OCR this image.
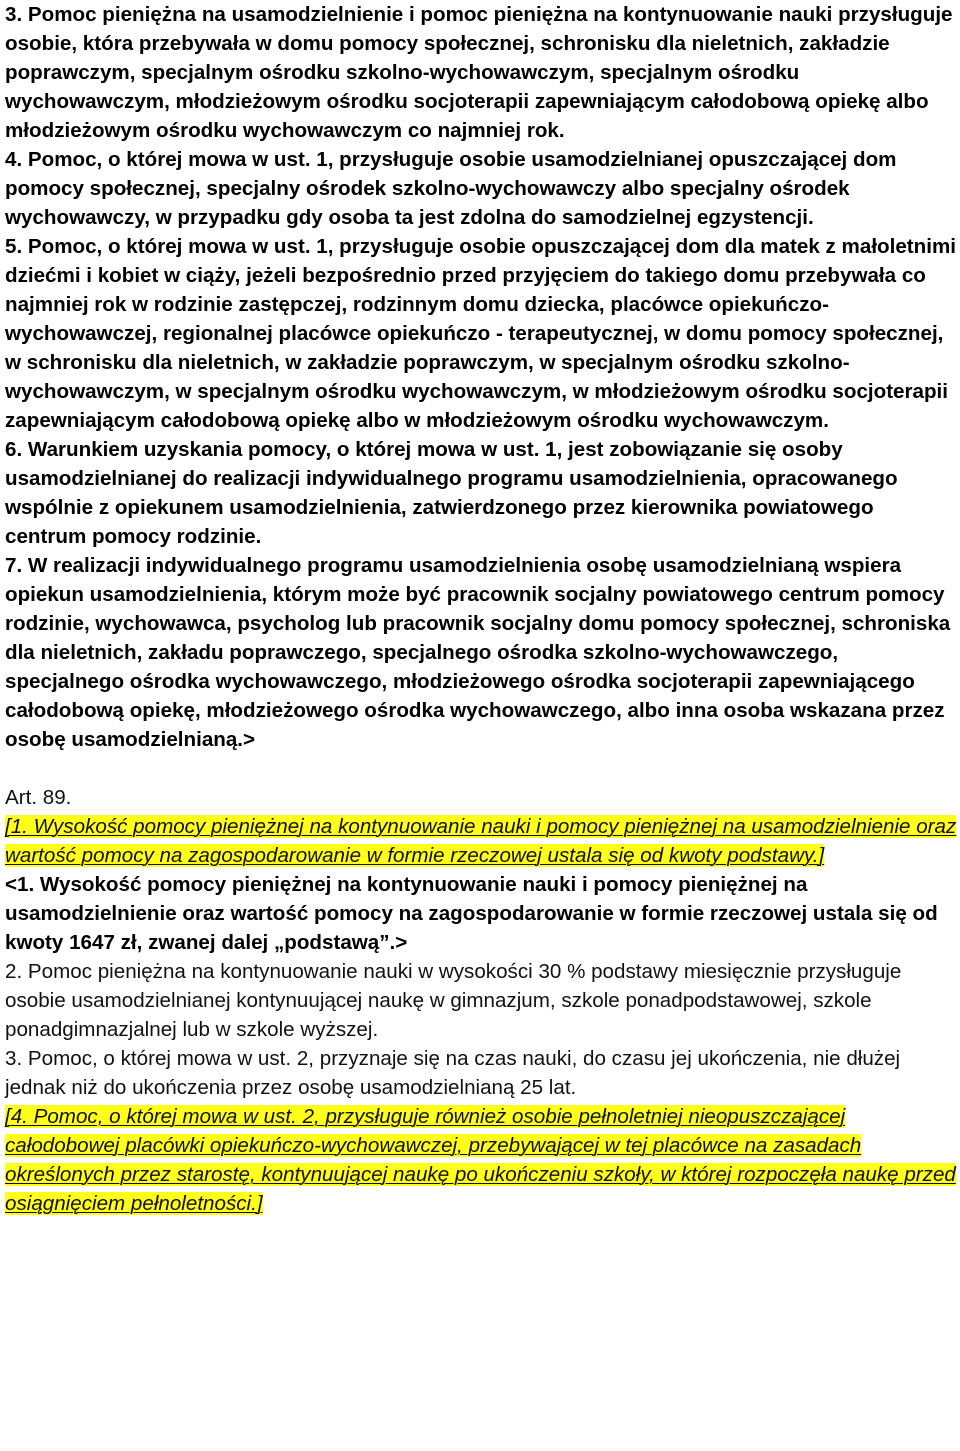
3. Pomoc pieniężna na usamodzielnienie i pomoc pieniężna na kontynuowanie nauki przysługuje osobie, która przebywała w domu pomocy społecznej, schronisku dla nieletnich, zakładzie poprawczym, specjalnym ośrodku szkolno-wychowawczym, specjalnym ośrodku wychowawczym, młodzieżowym ośrodku socjoterapii zapewniającym całodobową opiekę albo młodzieżowym ośrodku wychowawczym co najmniej rok.

4. Pomoc, o której mowa w ust. 1, przysługuje osobie usamodzielnianej opuszczającej dom pomocy społecznej, specjalny ośrodek szkolno-wychowawczy albo specjalny ośrodek wychowawczy, w przypadku gdy osoba ta jest zdolna do samodzielnej egzystencji.

5. Pomoc, o której mowa w ust. 1, przysługuje osobie opuszczającej dom dla matek z małoletnimi dziećmi i kobiet w ciąży, jeżeli bezpośrednio przed przyjęciem do takiego domu przebywała co najmniej rok w rodzinie zastępczej, rodzinnym domu dziecka, placówce opiekuńczo-wychowawczej, regionalnej placówce opiekuńczo - terapeutycznej, w domu pomocy społecznej, w schronisku dla nieletnich, w zakładzie poprawczym, w specjalnym ośrodku szkolno-wychowawczym, w specjalnym ośrodku wychowawczym, w młodzieżowym ośrodku socjoterapii zapewniającym całodobową opiekę albo w młodzieżowym ośrodku wychowawczym.

6. Warunkiem uzyskania pomocy, o której mowa w ust. 1, jest zobowiązanie się osoby usamodzielnianej do realizacji indywidualnego programu usamodzielnienia, opracowanego wspólnie z opiekunem usamodzielnienia, zatwierdzonego przez kierownika powiatowego centrum pomocy rodzinie.

7. W realizacji indywidualnego programu usamodzielnienia osobę usamodzielnianą wspiera opiekun usamodzielnienia, którym może być pracownik socjalny powiatowego centrum pomocy rodzinie, wychowawca, psycholog lub pracownik socjalny domu pomocy społecznej, schroniska dla nieletnich, zakładu poprawczego, specjalnego ośrodka szkolno-wychowawczego, specjalnego ośrodka wychowawczego, młodzieżowego ośrodka socjoterapii zapewniającego całodobową opiekę, młodzieżowego ośrodka wychowawczego, albo inna osoba wskazana przez osobę usamodzielnianą.>

Art. 89.

[1. Wysokość pomocy pieniężnej na kontynuowanie nauki i pomocy pieniężnej na usamodzielnienie oraz wartość pomocy na zagospodarowanie w formie rzeczowej ustala się od kwoty podstawy.]

<1. Wysokość pomocy pieniężnej na kontynuowanie nauki i pomocy pieniężnej na usamodzielnienie oraz wartość pomocy na zagospodarowanie w formie rzeczowej ustala się od kwoty 1647 zł, zwanej dalej „podstawą”.>

2. Pomoc pieniężna na kontynuowanie nauki w wysokości 30 % podstawy miesięcznie przysługuje osobie usamodzielnianej kontynuującej naukę w gimnazjum, szkole ponadpodstawowej, szkole ponadgimnazjalnej lub w szkole wyższej.

3. Pomoc, o której mowa w ust. 2, przyznaje się na czas nauki, do czasu jej ukończenia, nie dłużej jednak niż do ukończenia przez osobę usamodzielnianą 25 lat.

[4. Pomoc, o której mowa w ust. 2, przysługuje również osobie pełnoletniej nieopuszczającej całodobowej placówki opiekuńczo-wychowawczej, przebywającej w tej placówce na zasadach określonych przez starostę, kontynuującej naukę po ukończeniu szkoły, w której rozpoczęła naukę przed osiągnięciem pełnoletności.]
